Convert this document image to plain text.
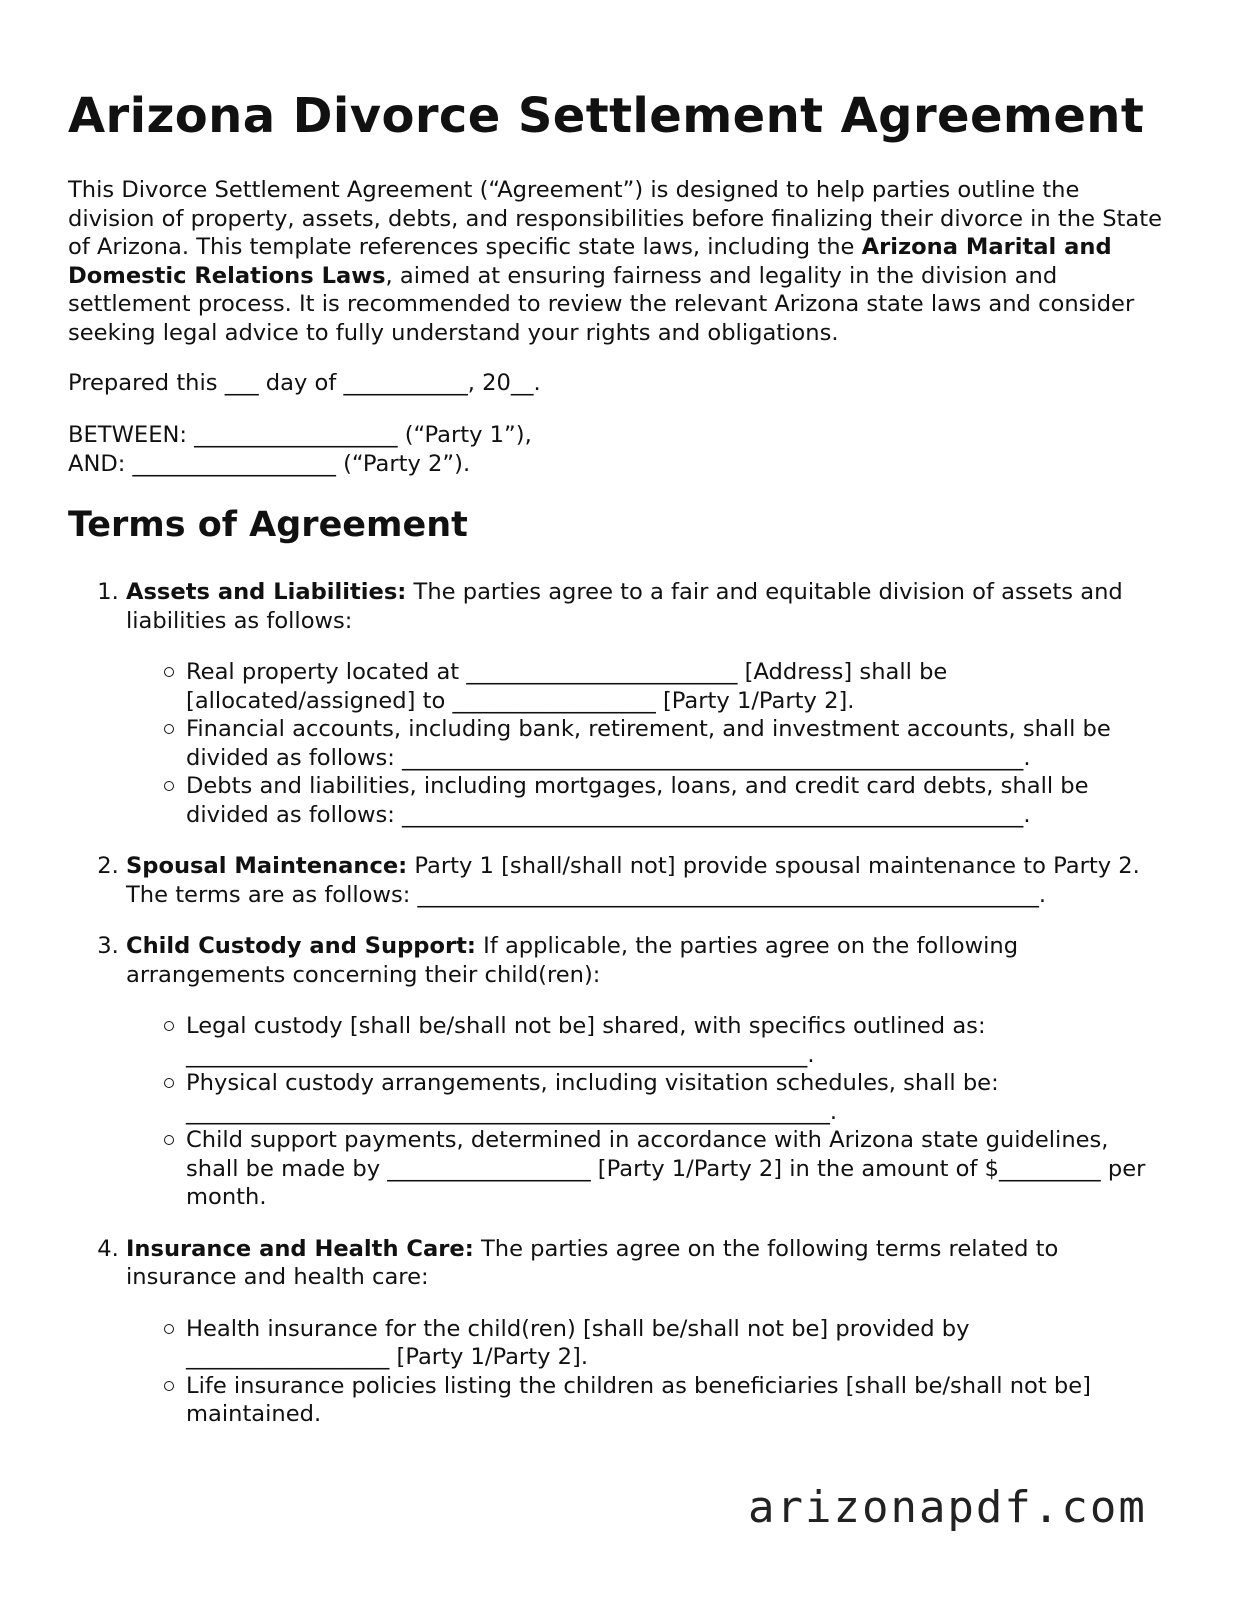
Arizona Divorce Settlement Agreement

This Divorce Settlement Agreement (“Agreement”) is designed to help parties outline the division of property, assets, debts, and responsibilities before finalizing their divorce in the State of Arizona. This template references specific state laws, including the Arizona Marital and Domestic Relations Laws, aimed at ensuring fairness and legality in the division and settlement process. It is recommended to review the relevant Arizona state laws and consider seeking legal advice to fully understand your rights and obligations.

Prepared this ___ day of ___________, 20__.

BETWEEN: __________________ (“Party 1”),
AND: __________________ (“Party 2”).

Terms of Agreement
1. Assets and Liabilities: The parties agree to a fair and equitable division of assets and liabilities as follows:
Real property located at ________________________ [Address] shall be [allocated/assigned] to __________________ [Party 1/Party 2].
Financial accounts, including bank, retirement, and investment accounts, shall be divided as follows: _______________________________________________________.
Debts and liabilities, including mortgages, loans, and credit card debts, shall be divided as follows: _______________________________________________________.
2. Spousal Maintenance: Party 1 [shall/shall not] provide spousal maintenance to Party 2. The terms are as follows: _______________________________________________________.
3. Child Custody and Support: If applicable, the parties agree on the following arrangements concerning their child(ren):
Legal custody [shall be/shall not be] shared, with specifics outlined as: _______________________________________________________.
Physical custody arrangements, including visitation schedules, shall be: _________________________________________________________.
Child support payments, determined in accordance with Arizona state guidelines, shall be made by __________________ [Party 1/Party 2] in the amount of $_________ per month.
4. Insurance and Health Care: The parties agree on the following terms related to insurance and health care:
Health insurance for the child(ren) [shall be/shall not be] provided by __________________ [Party 1/Party 2].
Life insurance policies listing the children as beneficiaries [shall be/shall not be] maintained.

arizonapdf.com
